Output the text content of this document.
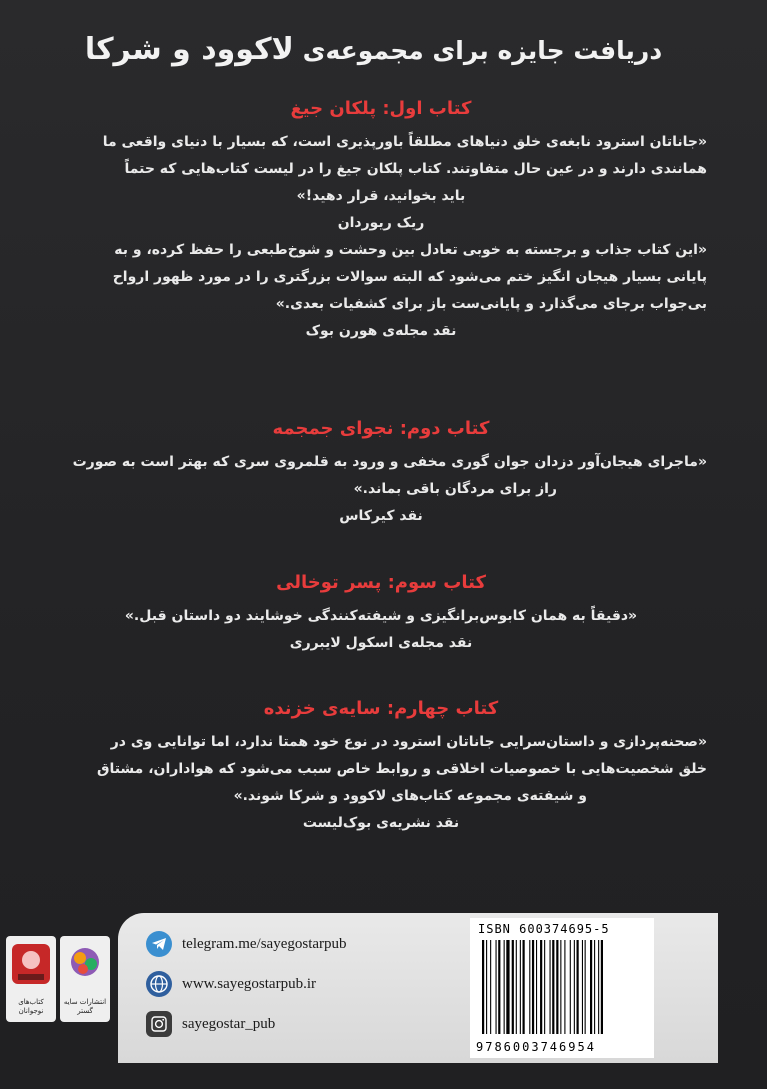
دریافت جایزه برای مجموعه‌ی لاکوود و شرکا
کتاب اول: پلکان جیغ
«جاناتان استرود نابغه‌ی خلق دنیاهای مطلقاً باورپذیری است، که بسیار با دنیای واقعی ما
همانندی دارند و در عین حال متفاوتند. کتاب پلکان جیغ را در لیست کتاب‌هایی که حتماً
باید بخوانید، قرار دهید!»
ریک ریوردان
«این کتاب جذاب و برجسته به خوبی تعادل بین وحشت و شوخ‌طبعی را حفظ کرده، و به
پایانی بسیار هیجان انگیز ختم می‌شود که البته سوالات بزرگتری را در مورد ظهور ارواح
بی‌جواب برجای می‌گذارد و پایانی‌ست باز برای کشفیات بعدی.»
نقد مجله‌ی هورن بوک
کتاب دوم: نجوای جمجمه
«ماجرای هیجان‌آور دزدان جوان گوری مخفی و ورود به قلمروی سری که بهتر است به صورت
راز برای مردگان باقی بماند.»
نقد کیرکاس
کتاب سوم: پسر توخالی
«دقیقاً به همان کابوس‌برانگیزی و شیفته‌کنندگی خوشایند دو داستان قبل.»
نقد مجله‌ی اسکول لایبرری
کتاب چهارم: سایه‌ی خزنده
«صحنه‌پردازی و داستان‌سرایی جاناتان استرود در نوع خود همتا ندارد، اما توانایی وی در
خلق شخصیت‌هایی با خصوصیات اخلاقی و روابط خاص سبب می‌شود که هواداران، مشتاق
و شیفته‌ی مجموعه کتاب‌های لاکوود و شرکا شوند.»
نقد نشریه‌ی بوک‌لیست
telegram.me/sayegostarpub
www.sayegostarpub.ir
sayegostar_pub
ISBN 600374695-5
9786003746954
کتاب‌های نوجوانان
انتشارات سایه گستر
